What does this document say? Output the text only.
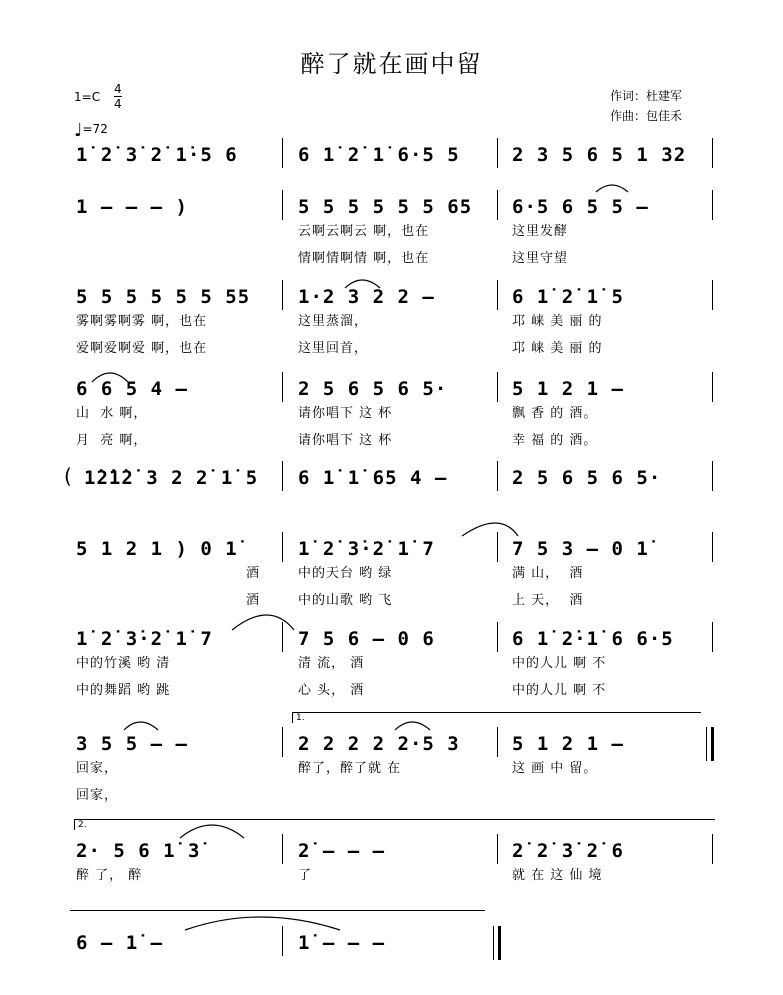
醉了就在画中留
作词：杜建军
作曲：包佳禾
$1=C \frac{4}{4}$
♩=72
1̇ 2̇ 3̇ 2̇ 1̇·5 6	6 1̇ 2̇ 1̇ 6·5 5	2 3 5 6 5 1 32
1 – – – )	5 5 5 5 5 5 65 6·5 6 5 5 –
云啊云啊云 啊，也在	这里发酵
情啊情啊情 啊，也在	这里守望
5 5 5 5 5 5 55	1·2 3 2 2 –	6 1̇ 2̇ 1̇ 5
雾啊雾啊雾 啊，也在	这里蒸溜，	邛 崃 美 丽 的
爱啊爱啊爱 啊，也在	这里回首，	邛 崃 美 丽 的
6 6 5 4 –	2 5 6 5 6 5·	5 1 2 1 –
山  水 啊，	请你唱下 这 杯	飘 香 的 酒。
月  亮 啊，	请你唱下 这 杯	幸 福 的 酒。
1̇2̇1̇2̇ 3 2 2̇ 1̇ 5 6 1̇ 1̇ 65 4 –	2 5 6 5 6 5·
(
5 1 2 1 ) 0 1̇	1̇ 2̇ 3̇·2̇ 1̇ 7	7 5 3 – 0 1̇
酒	中的天台 哟 绿	满 山，  酒
酒	中的山歌 哟 飞	上 天，  酒
1̇ 2̇ 3̇·2̇ 1̇ 7	7 5 6 – 0 6	6 1̇ 2̇·1̇ 6 6·5
中的竹溪 哟 清	清 流， 酒	中的人儿 啊 不
中的舞蹈 哟 跳	心 头， 酒	中的人儿 啊 不
3 5 5 – –	2 2 2 2 2·5 3	5 1 2 1 –
回家，	醉了，醉了就 在	这 画 中 留。
回家，
2· 5 6 1̇ 3̇	2̇ – – –	2̇ 2̇ 3̇ 2̇ 6
醉 了， 醉	了	就 在 这 仙 境
6 – 1̇ –	1̇ – – –
1.
2.
